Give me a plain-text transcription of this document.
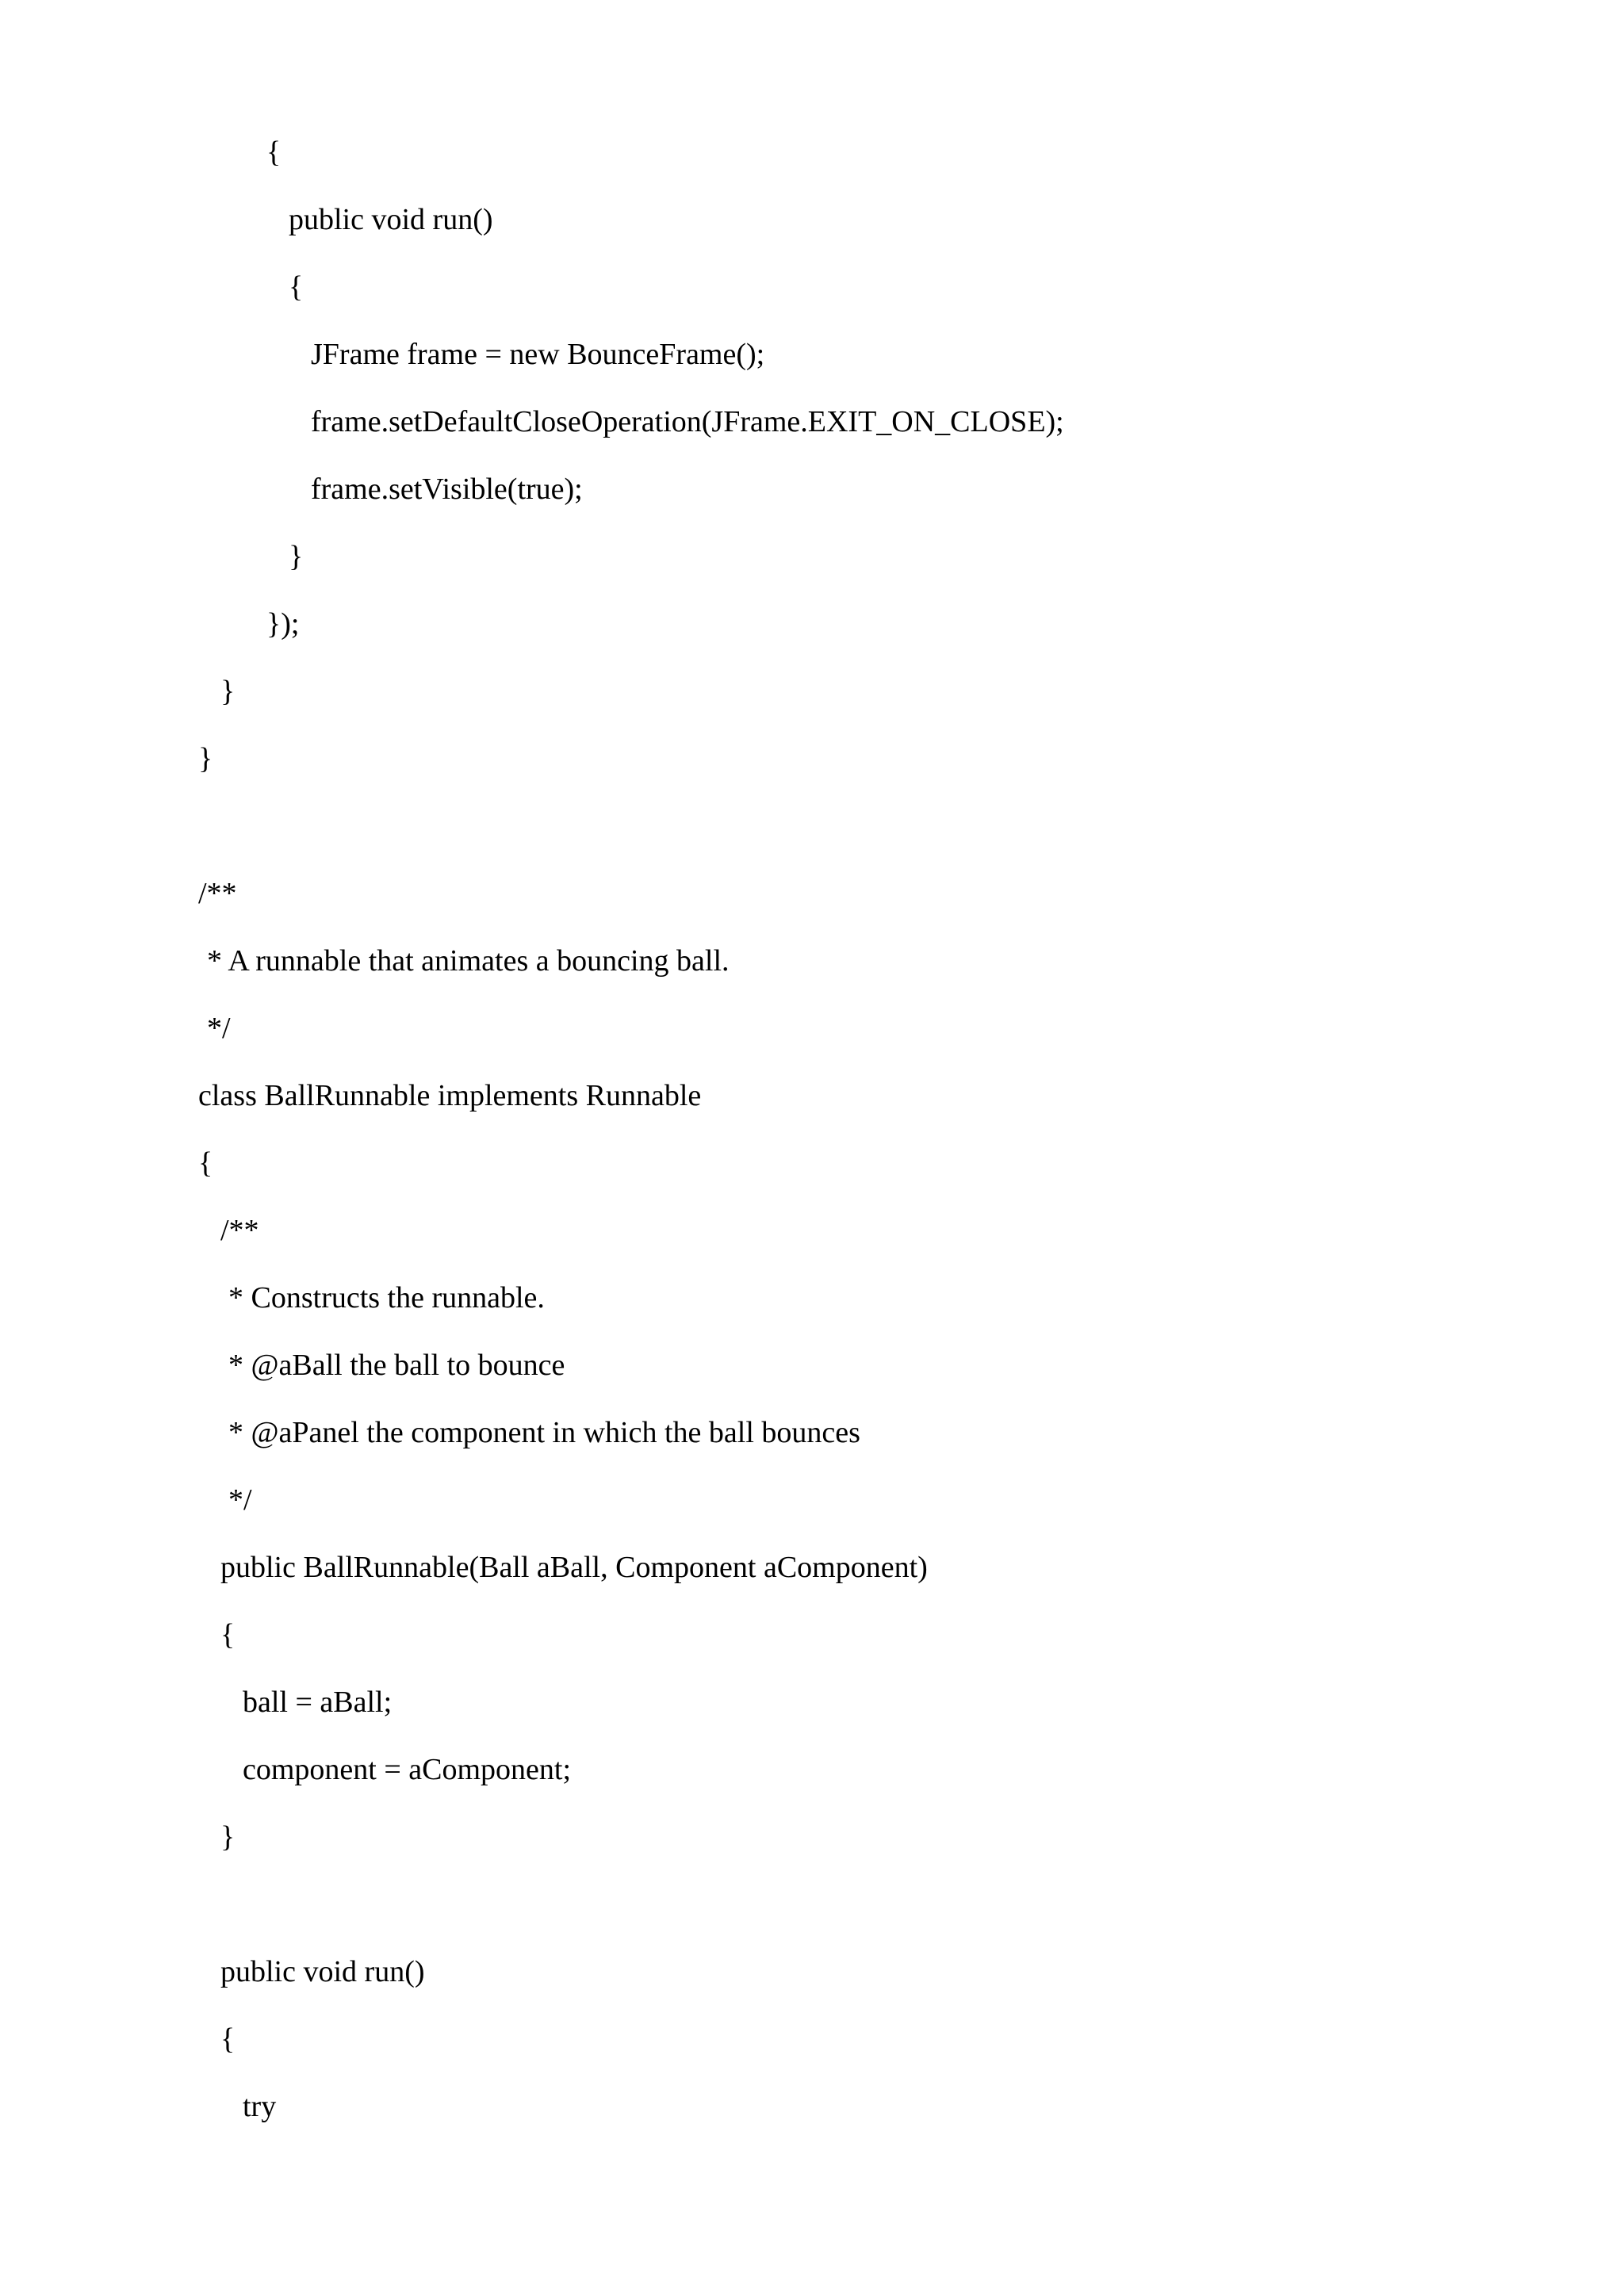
{

public void run()

{

JFrame frame = new BounceFrame();

frame.setDefaultCloseOperation(JFrame.EXIT_ON_CLOSE);

frame.setVisible(true);

}

});

}

}

/**

* A runnable that animates a bouncing ball.

*/

class BallRunnable implements Runnable

{

/**

* Constructs the runnable.

* @aBall the ball to bounce

* @aPanel the component in which the ball bounces

*/

public BallRunnable(Ball aBall, Component aComponent)

{

ball = aBall;

component = aComponent;

}

public void run()

{

try
